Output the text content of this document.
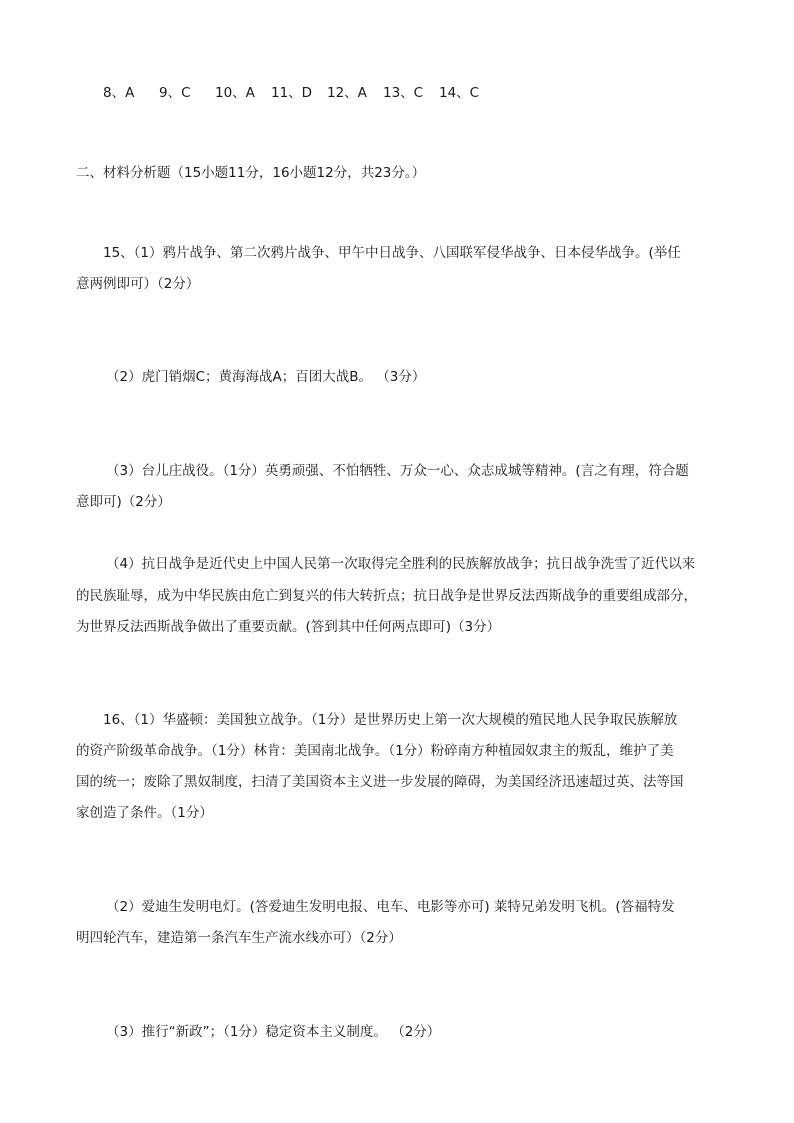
8、A 9、C 10、A 11、D 12、A 13、C 14、C
二、材料分析题（15小题11分，16小题12分，共23分。）
15、（1）鸦片战争、第二次鸦片战争、甲午中日战争、八国联军侵华战争、日本侵华战争。(举任
意两例即可）（2分）
（2）虎门销烟C；黄海海战A；百团大战B。 （3分）
（3）台儿庄战役。（1分）英勇顽强、不怕牺牲、万众一心、众志成城等精神。(言之有理，符合题
意即可)（2分）
（4）抗日战争是近代史上中国人民第一次取得完全胜利的民族解放战争；抗日战争洗雪了近代以来
的民族耻辱，成为中华民族由危亡到复兴的伟大转折点；抗日战争是世界反法西斯战争的重要组成部分，
为世界反法西斯战争做出了重要贡献。(答到其中任何两点即可)（3分）
16、（1）华盛顿：美国独立战争。（1分）是世界历史上第一次大规模的殖民地人民争取民族解放
的资产阶级革命战争。（1分）林肯：美国南北战争。（1分）粉碎南方种植园奴隶主的叛乱，维护了美
国的统一；废除了黑奴制度，扫清了美国资本主义进一步发展的障碍，为美国经济迅速超过英、法等国
家创造了条件。（1分）
（2）爱迪生发明电灯。(答爱迪生发明电报、电车、电影等亦可) 莱特兄弟发明飞机。(答福特发
明四轮汽车，建造第一条汽车生产流水线亦可）（2分）
（3）推行“新政”；（1分）稳定资本主义制度。 （2分）
